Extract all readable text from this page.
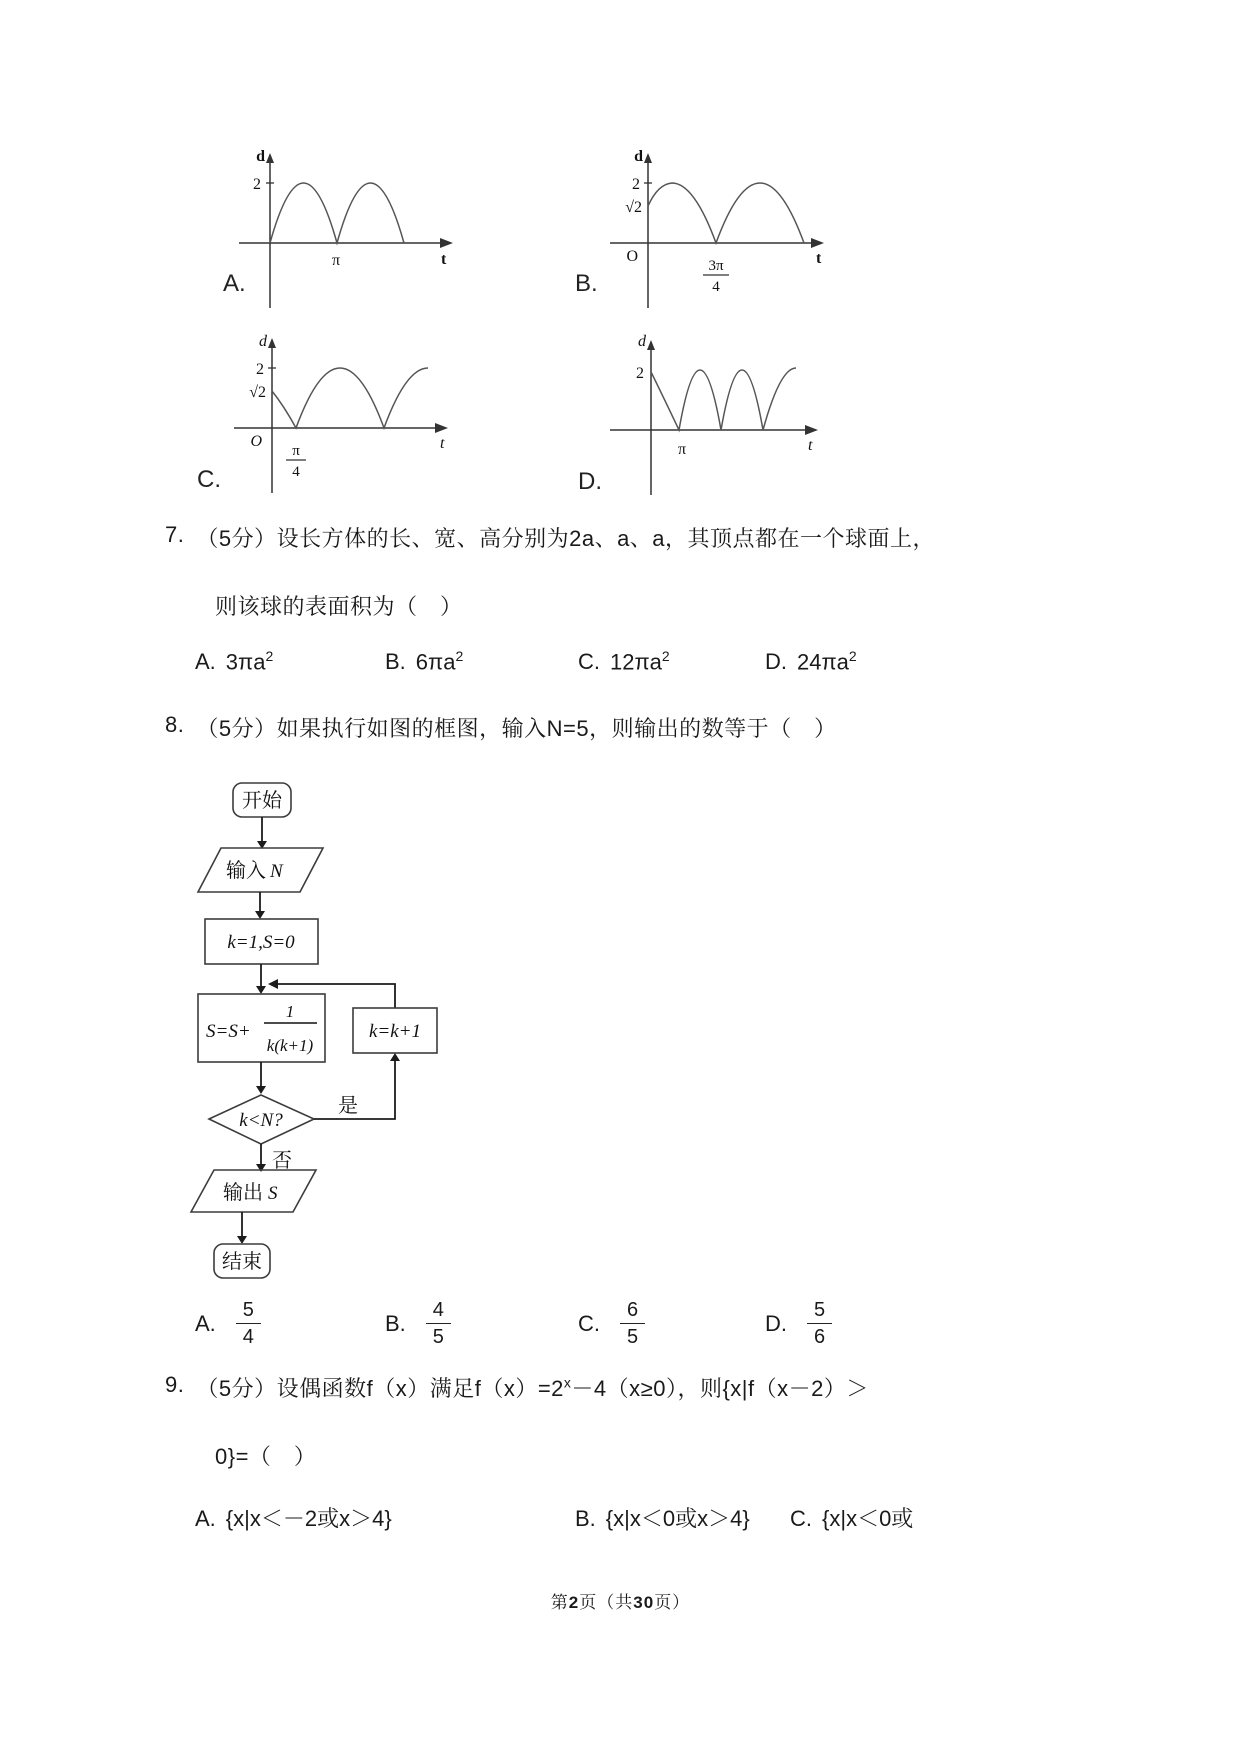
A.
d
2
π	t
B.
d
2
√2
O
3π
4
t
C.
d
2
√2
O
π
4
t
D.
d
2
π	t
7. （5分）设长方体的长、宽、高分别为2a、a、a，其顶点都在一个球面上，
则该球的表面积为（　）
A. $3\pi a^2$	B. $6\pi a^2$	C. $12\pi a^2$	D. $24\pi a^2$
8. （5分）如果执行如图的框图，输入N=5，则输出的数等于（　）
开始
输入 N
k=1,S=0
S=S+
1
k(k+1)
k<N?
是
k=k+1
否
输出 S
结束
A. $\frac{5}{4}$	B. $\frac{4}{5}$	C. $\frac{6}{5}$	D. $\frac{5}{6}$
9. （5分）设偶函数f（x）满足$f(x)=2^x-4(x\ge 0)$，则{x|f（x－2）＞
0}=（　）
A. {x|x＜－2或x＞4}	B. {x|x＜0或x＞4} C. {x|x＜0或
第2页（共30页）
